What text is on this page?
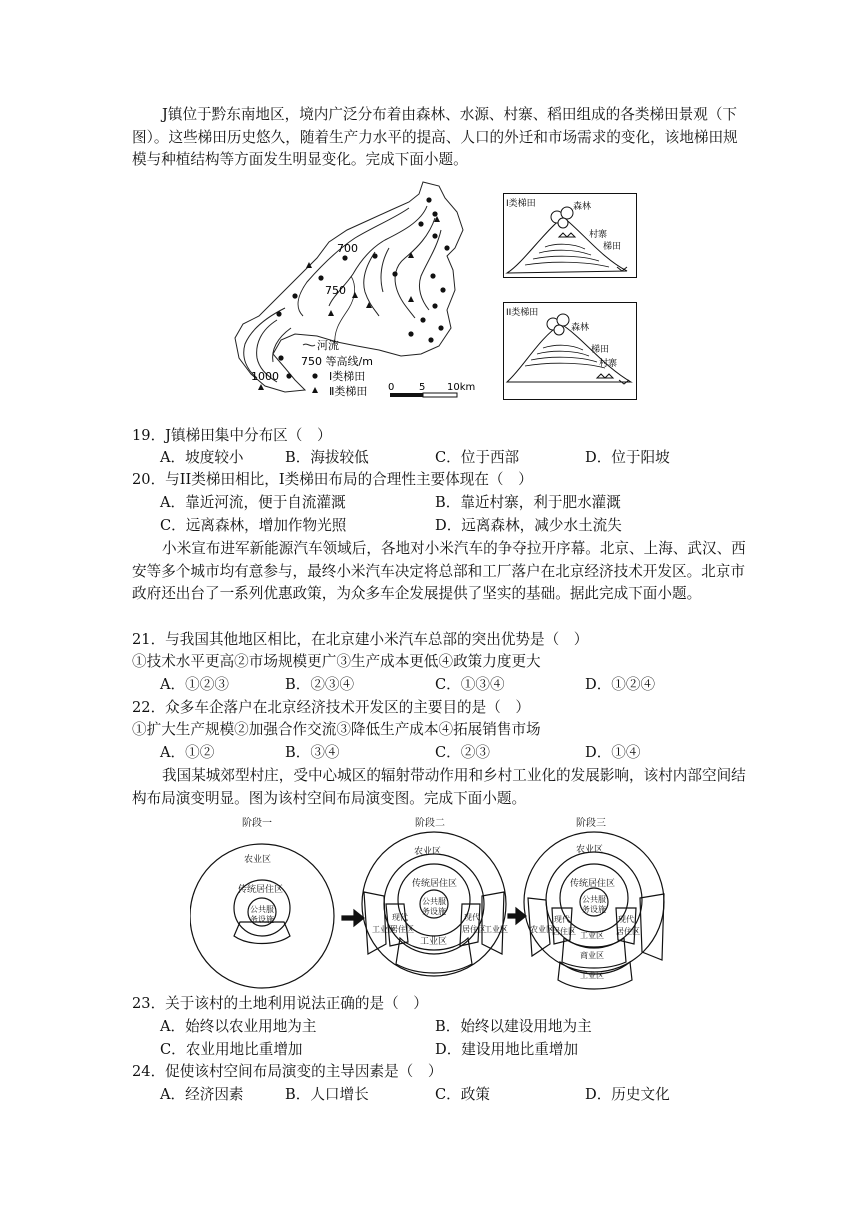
J镇位于黔东南地区，境内广泛分布着由森林、水源、村寨、稻田组成的各类梯田景观（下图）。这些梯田历史悠久，随着生产力水平的提高、人口的外迁和市场需求的变化，该地梯田规模与种植结构等方面发生明显变化。完成下面小题。
700
750
1000
河流
750 等高线/m
Ⅰ类梯田
Ⅱ类梯田 0 5 10km
I类梯田	森林
村寨
梯田
II类梯田
森林
梯田
村寨
19．J镇梯田集中分布区（　）
A．坡度较小	B．海拔较低	C．位于西部	D．位于阳坡
20．与II类梯田相比，I类梯田布局的合理性主要体现在（　）
A．靠近河流，便于自流灌溉	B．靠近村寨，利于肥水灌溉
C．远离森林，增加作物光照	D．远离森林，减少水土流失
小米宣布进军新能源汽车领域后，各地对小米汽车的争夺拉开序幕。北京、上海、武汉、西安等多个城市均有意参与，最终小米汽车决定将总部和工厂落户在北京经济技术开发区。北京市政府还出台了一系列优惠政策，为众多车企发展提供了坚实的基础。据此完成下面小题。
21．与我国其他地区相比，在北京建小米汽车总部的突出优势是（　）
①技术水平更高②市场规模更广③生产成本更低④政策力度更大
A．①②③	B．②③④	C．①③④	D．①②④
22．众多车企落户在北京经济技术开发区的主要目的是（　）
①扩大生产规模②加强合作交流③降低生产成本④拓展销售市场
A．①②	B．③④	C．②③	D．①④
我国某城郊型村庄，受中心城区的辐射带动作用和乡村工业化的发展影响，该村内部空间结构布局演变明显。图为该村空间布局演变图。完成下面小题。
阶段一
农业区
传统居住区
公共服
务设施
阶段二
农业区
传统居住区
公共服
务设施
工业区
现代
居住区
现代
居住区
工业区
工业区
阶段三
农业区
传统居住区
公共服
务设施
农业区
现代
居住区
现代
居住区
工业区
商业区
工业区
23．关于该村的土地利用说法正确的是（　）
A．始终以农业用地为主	B．始终以建设用地为主
C．农业用地比重增加	D．建设用地比重增加
24．促使该村空间布局演变的主导因素是（　）
A．经济因素	B．人口增长	C．政策	D．历史文化
